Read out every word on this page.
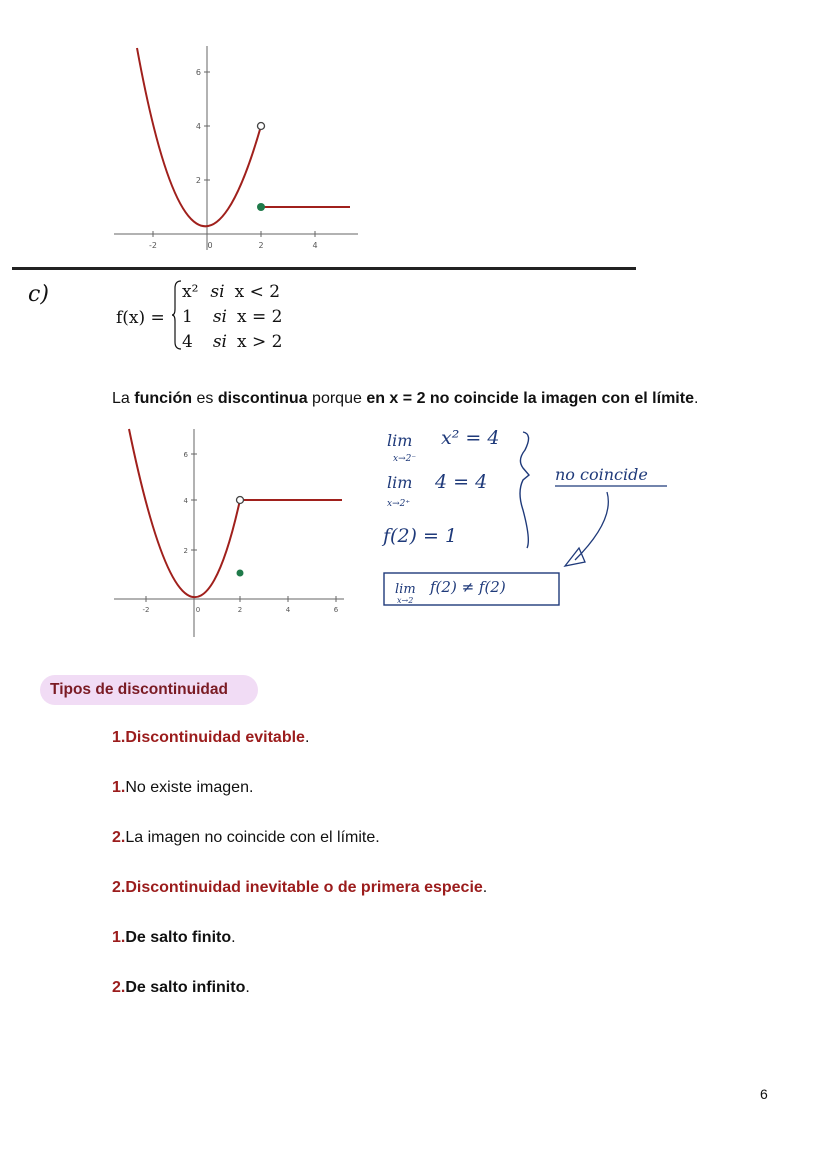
-2	0	2	4
2
4
6
c)
f(x) =
x² si x < 2
1 si x = 2
4 si x > 2
La función es discontinua porque en x = 2 no coincide la imagen con el límite.
-2	0	2	4	6
2
4
6
lim
x→2⁻
x² = 4
lim
x→2⁺
4 = 4
f(2) = 1
no coincide
lim
x→2
f(2) ≠ f(2)
Tipos de discontinuidad
1.Discontinuidad evitable.
1.No existe imagen.
2.La imagen no coincide con el límite.
2.Discontinuidad inevitable o de primera especie.
1.De salto finito.
2.De salto infinito.
6
